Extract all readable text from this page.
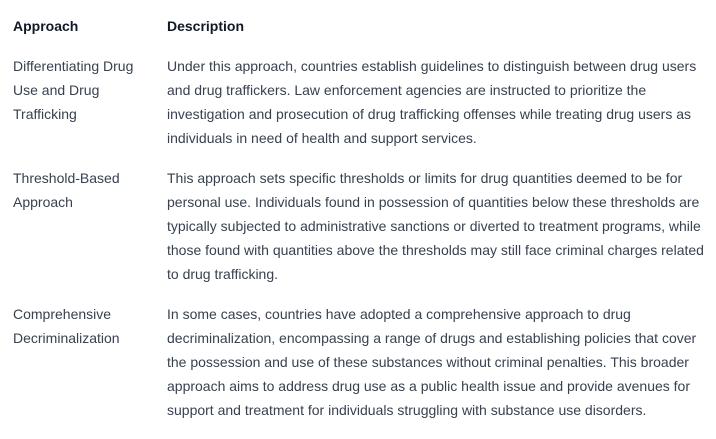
Approach	Description
Differentiating Drug Use and Drug Trafficking
Under this approach, countries establish guidelines to distinguish between drug users and drug traffickers. Law enforcement agencies are instructed to prioritize the investigation and prosecution of drug trafficking offenses while treating drug users as individuals in need of health and support services.
Threshold-Based Approach
This approach sets specific thresholds or limits for drug quantities deemed to be for personal use. Individuals found in possession of quantities below these thresholds are typically subjected to administrative sanctions or diverted to treatment programs, while those found with quantities above the thresholds may still face criminal charges related to drug trafficking.
Comprehensive Decriminalization
In some cases, countries have adopted a comprehensive approach to drug decriminalization, encompassing a range of drugs and establishing policies that cover the possession and use of these substances without criminal penalties. This broader approach aims to address drug use as a public health issue and provide avenues for support and treatment for individuals struggling with substance use disorders.
